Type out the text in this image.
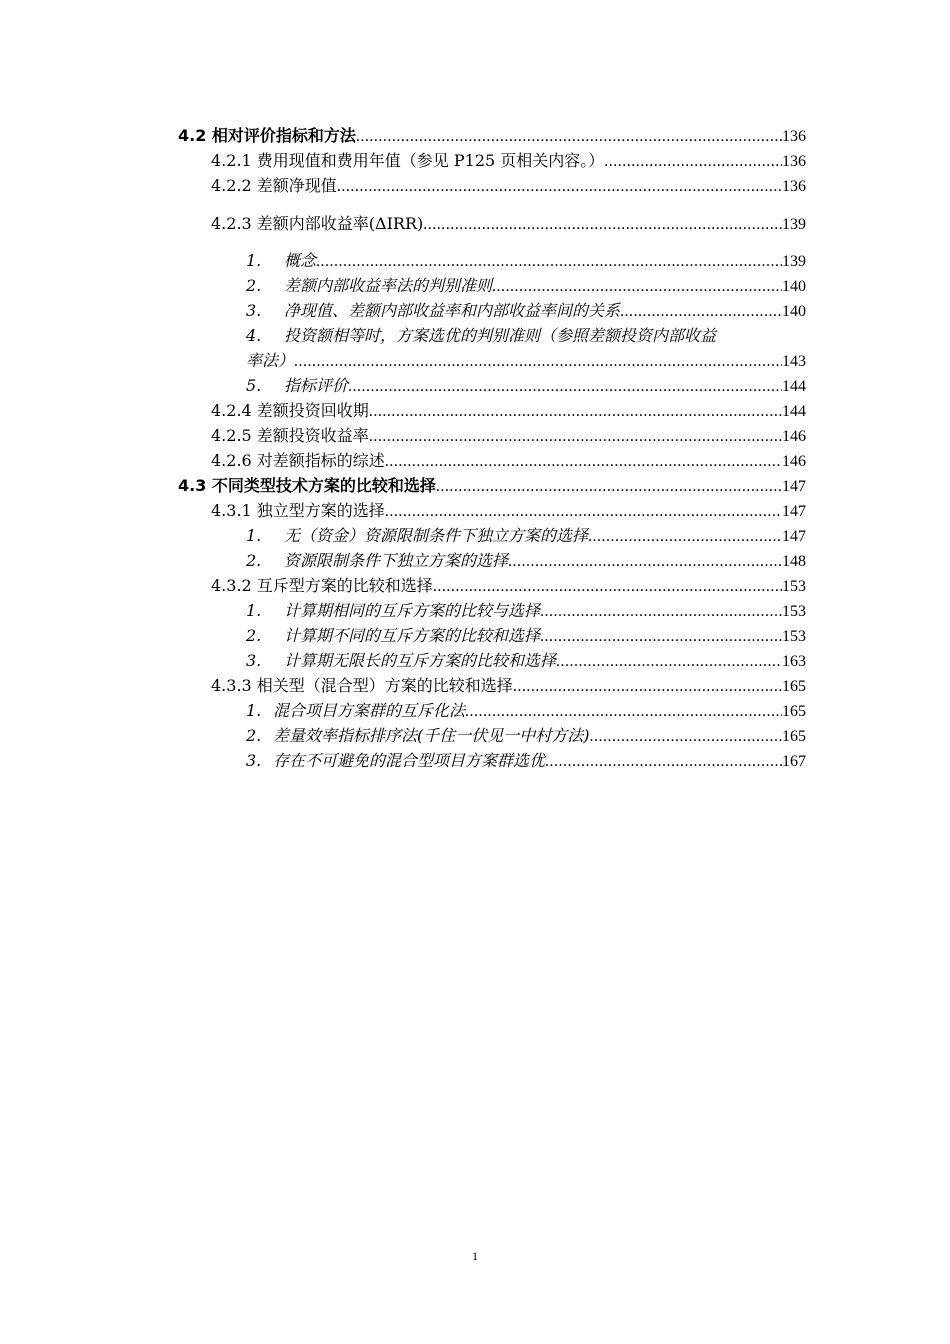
4.2 相对评价指标和方法 .....	136
4.2.1 费用现值和费用年值（参见 P125 页相关内容。） .....	136
4.2.2 差额净现值 .....	136
4.2.3 差额内部收益率(ΔIRR) .....	139
1.	概念 .....	139
2.	差额内部收益率法的判别准则 .....	140
3.	净现值、差额内部收益率和内部收益率间的关系 .....	140
4. 投资额相等时，方案选优的判别准则（参照差额投资内部收益
率法） .....	143
5.	指标评价 .....	144
4.2.4 差额投资回收期 .....	144
4.2.5 差额投资收益率 .....	146
4.2.6 对差额指标的综述 .....	146
4.3 不同类型技术方案的比较和选择 .....	147
4.3.1 独立型方案的选择 .....	147
1.	无（资金）资源限制条件下独立方案的选择 .....	147
2.	资源限制条件下独立方案的选择 .....	148
4.3.2 互斥型方案的比较和选择 .....	153
1.	计算期相同的互斥方案的比较与选择 .....	153
2.	计算期不同的互斥方案的比较和选择 .....	153
3.	计算期无限长的互斥方案的比较和选择 .....	163
4.3.3 相关型（混合型）方案的比较和选择 .....	165
1. 混合项目方案群的互斥化法 .....	165
2. 差量效率指标排序法(千住一伏见一中村方法) .....	165
3. 存在不可避免的混合型项目方案群选优 .....	167
1
